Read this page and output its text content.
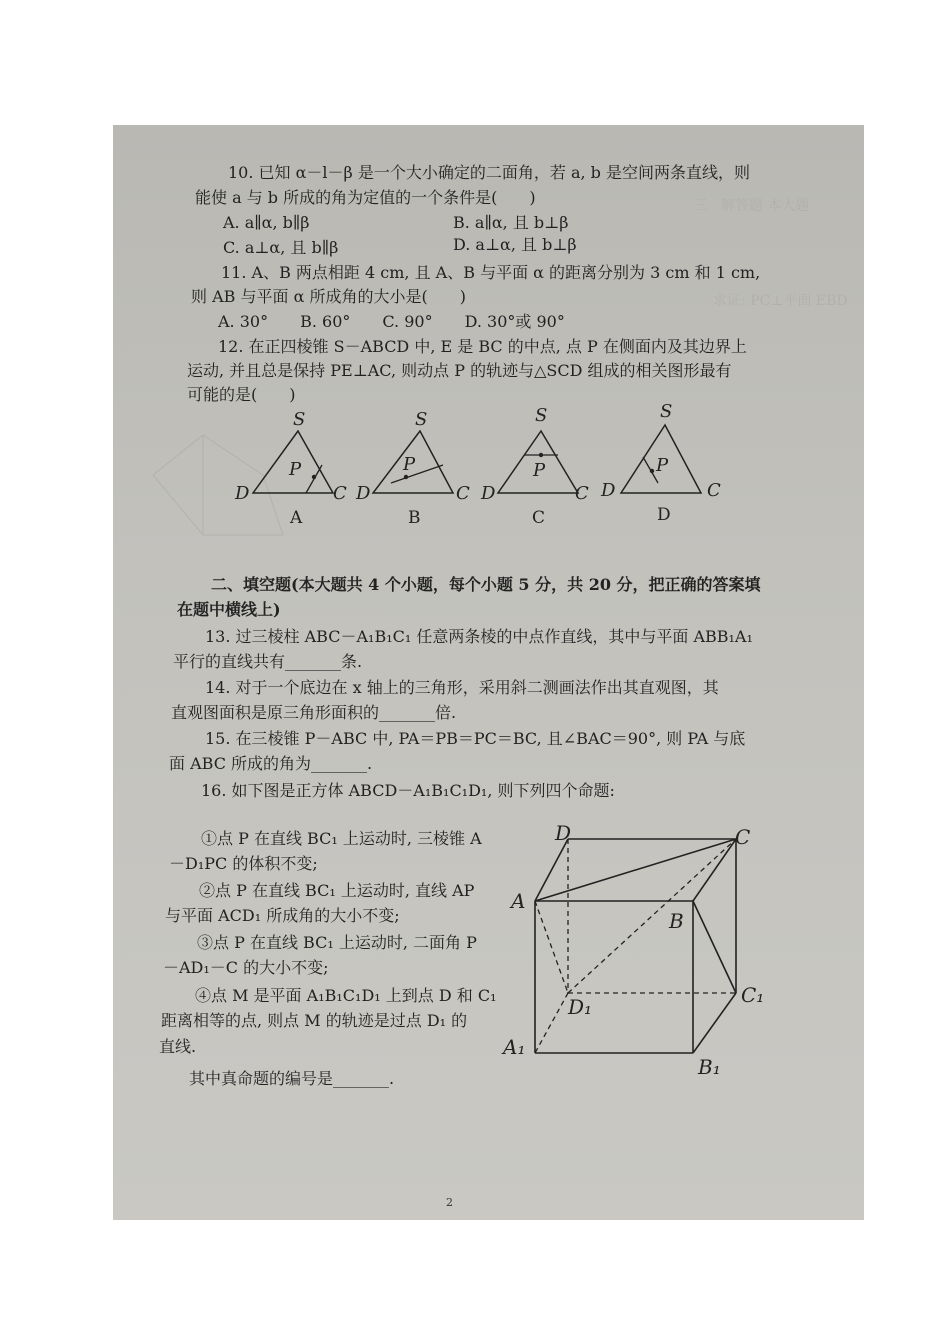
三　解答题 本大题
求证: PC⊥平面 EBD
10. 已知 α－l－β 是一个大小确定的二面角，若 a, b 是空间两条直线，则
能使 a 与 b 所成的角为定值的一个条件是(　　)
A. a∥α, b∥β	B. a∥α, 且 b⊥β
C. a⊥α, 且 b∥β	D. a⊥α, 且 b⊥β
11. A、B 两点相距 4 cm, 且 A、B 与平面 α 的距离分别为 3 cm 和 1 cm,
则 AB 与平面 α 所成角的大小是(　　)
A. 30°　　B. 60°　　C. 90°　　D. 30°或 90°
12. 在正四棱锥 S－ABCD 中, E 是 BC 的中点, 点 P 在侧面内及其边界上
运动, 并且总是保持 PE⊥AC, 则动点 P 的轨迹与△SCD 组成的相关图形最有
可能的是(　　)
S
P
D	C
A
S
P
D	C
B
S
P
D	C
C
S
P
D	C
D
二、填空题(本大题共 4 个小题，每个小题 5 分，共 20 分，把正确的答案填
在题中横线上)
13. 过三棱柱 ABC－A₁B₁C₁ 任意两条棱的中点作直线，其中与平面 ABB₁A₁
平行的直线共有_______条.
14. 对于一个底边在 x 轴上的三角形，采用斜二测画法作出其直观图，其
直观图面积是原三角形面积的_______倍.
15. 在三棱锥 P－ABC 中, PA＝PB＝PC＝BC, 且∠BAC＝90°, 则 PA 与底
面 ABC 所成的角为_______.
16. 如下图是正方体 ABCD－A₁B₁C₁D₁, 则下列四个命题:
①点 P 在直线 BC₁ 上运动时, 三棱锥 A
－D₁PC 的体积不变;
②点 P 在直线 BC₁ 上运动时, 直线 AP
与平面 ACD₁ 所成角的大小不变;
③点 P 在直线 BC₁ 上运动时, 二面角 P
－AD₁－C 的大小不变;
④点 M 是平面 A₁B₁C₁D₁ 上到点 D 和 C₁
距离相等的点, 则点 M 的轨迹是过点 D₁ 的
直线.
其中真命题的编号是_______.
D	C
A
B
D₁	C₁
A₁
B₁
2
